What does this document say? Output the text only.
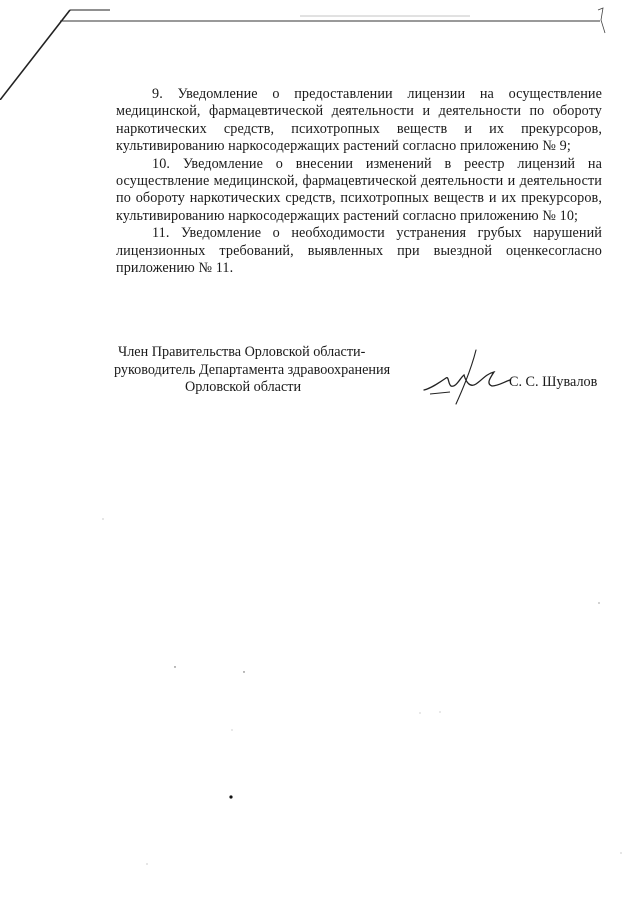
9. Уведомление о предоставлении лицензии на осуществление медицинской, фармацевтической деятельности и деятельности по обороту наркотических средств, психотропных веществ и их прекурсоров, культивированию наркосодержащих растений согласно приложению № 9;

10. Уведомление о внесении изменений в реестр лицензий на осуществление медицинской, фармацевтической деятельности и деятельности по обороту наркотических средств, психотропных веществ и их прекурсоров, культивированию наркосодержащих растений согласно приложению № 10;

11. Уведомление о необходимости устранения грубых нарушений лицензионных требований, выявленных при выездной оценкесогласно приложению № 11.

Член Правительства Орловской области-
руководитель Департамента здравоохранения
Орловской области	С. С. Шувалов
